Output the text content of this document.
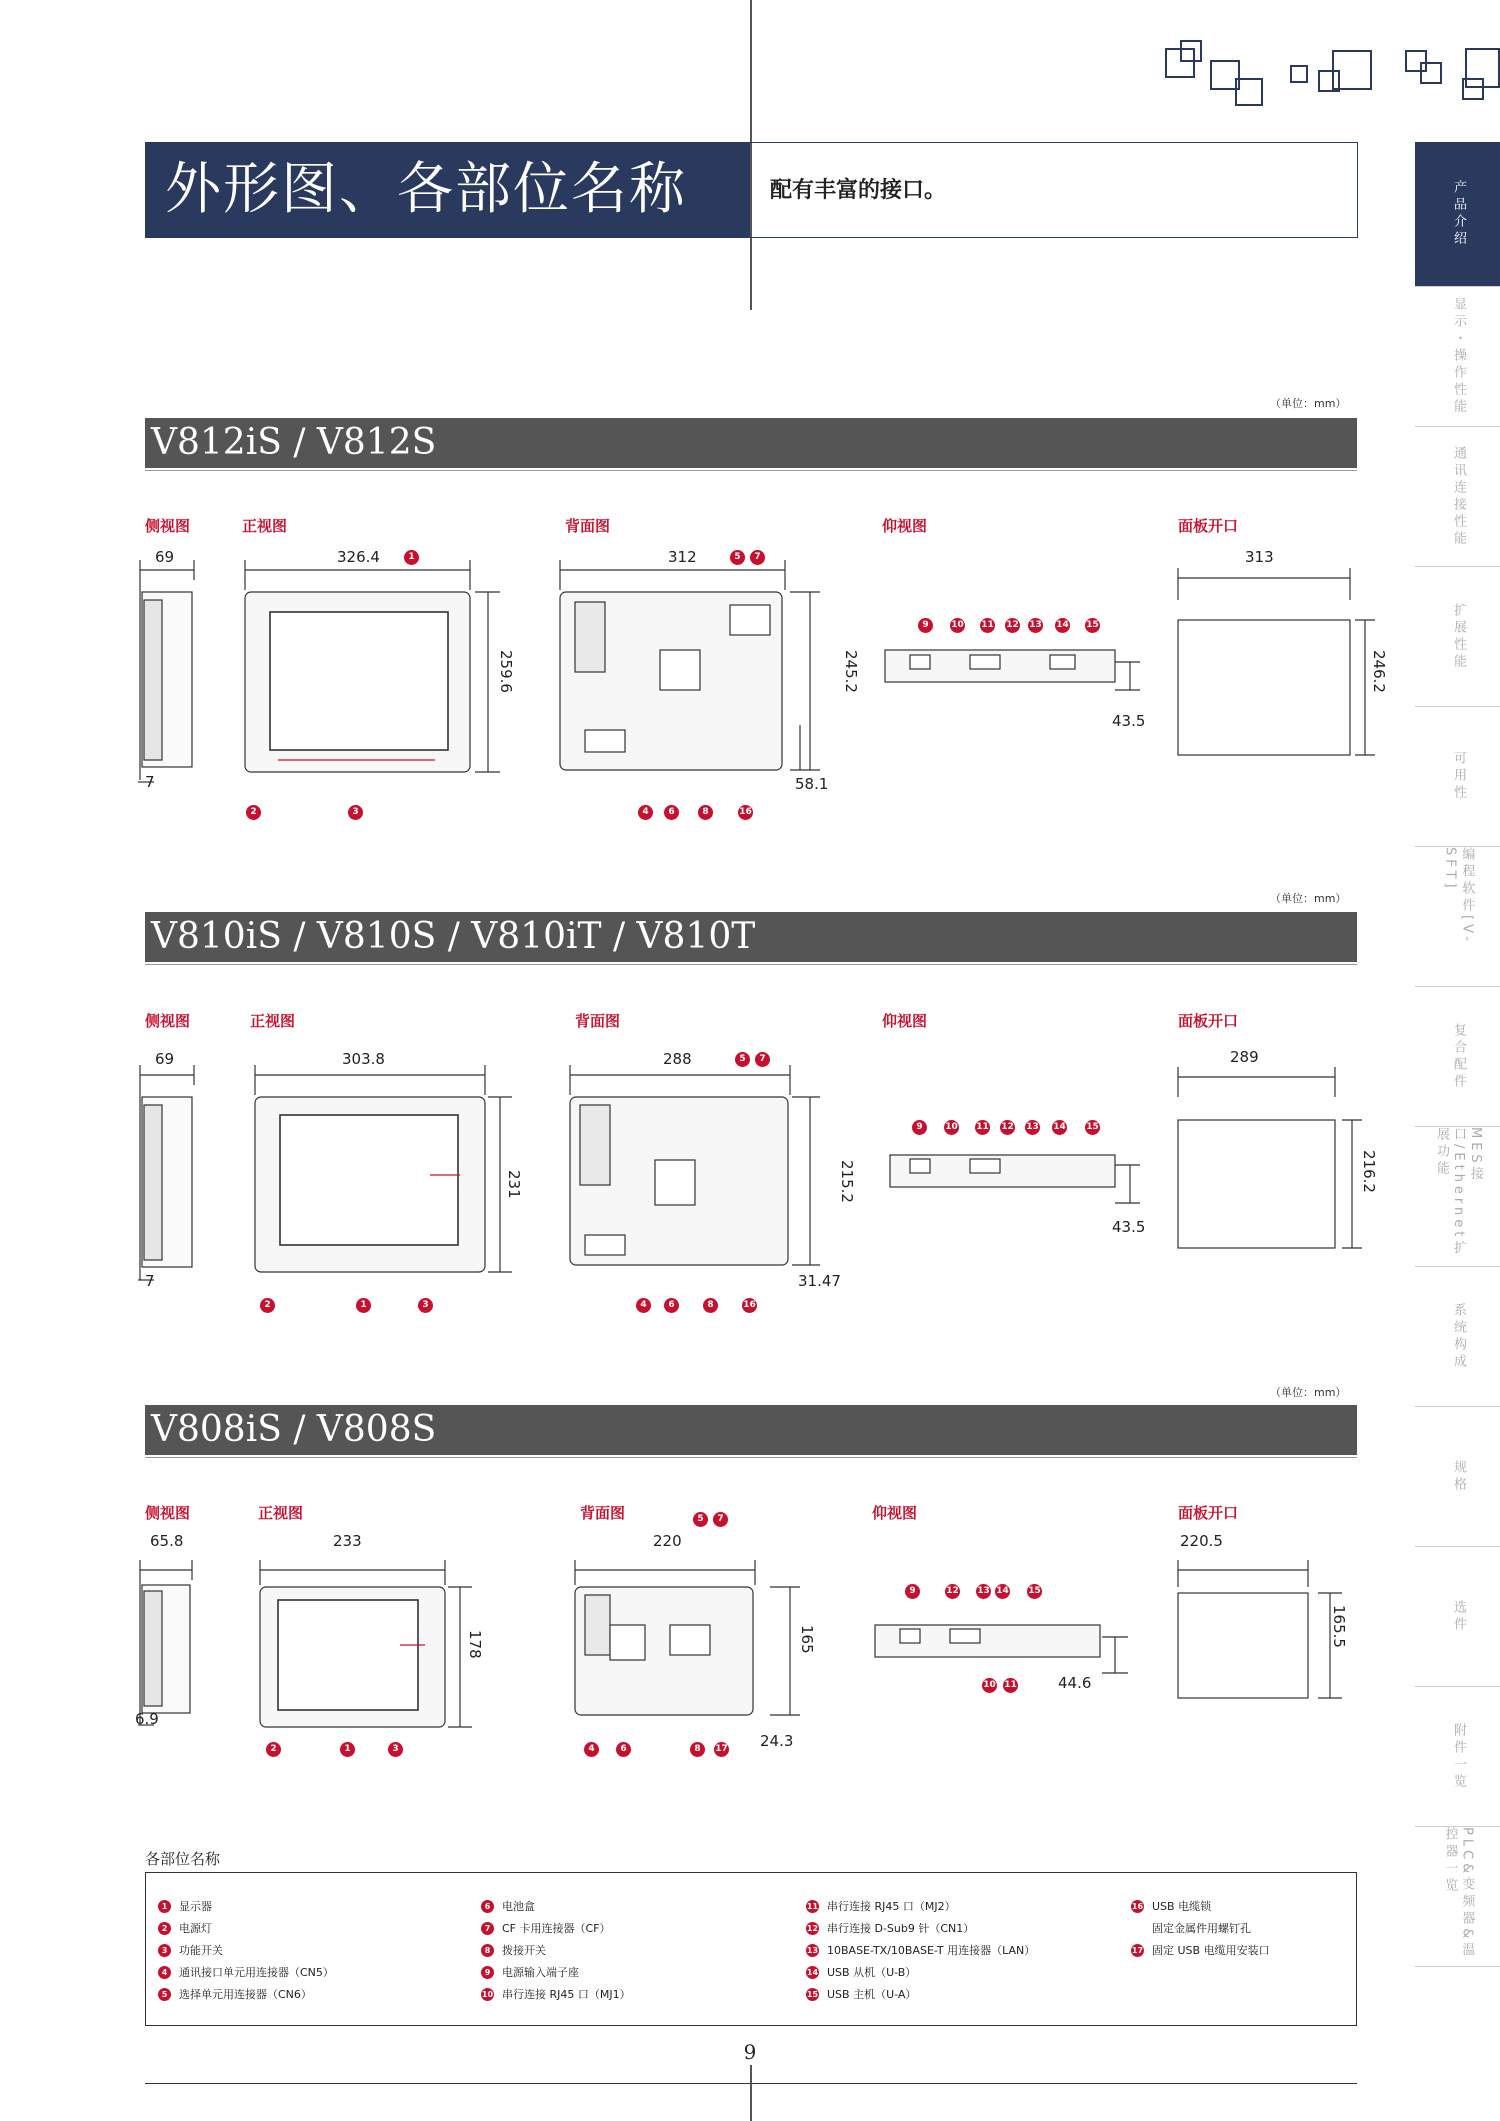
外形图、各部位名称	配有丰富的接口。	产品介绍
显示・操作性能
通讯连接性能
扩展性能
可用性
编程软件[V-SFT]
复合配件
MES接口/Ethernet扩展功能
系统构成
规格
选件
附件一览
PLC&变频器&温控器一览
（单位：mm）
V812iS / V812S
侧视图	正视图	背面图	仰视图	面板开口
69
7
326.4
259.6
312
245.2
58.1
43.5
313
246.2
1
2	3
5	7
4	6	8	16
9	10 11 12 13 14 15
（单位：mm）
V810iS / V810S / V810iT / V810T
侧视图	正视图	背面图	仰视图	面板开口
69
7
303.8
231
288
215.2
31.47
43.5
289
216.2
2	1	3
5	7
4	6	8	16
9	10 11 12 13 14 15
（单位：mm）
V808iS / V808S
侧视图	正视图	背面图	仰视图	面板开口
65.8
6.9
233
178
220
165
24.3
44.6
220.5
165.5
2	1	3
5	7
4	6	8	17
9	12 13 14 15
10 11
各部位名称
1	显示器
2	电源灯
3	功能开关
4	通讯接口单元用连接器（CN5）
5	选择单元用连接器（CN6）
6	电池盒
7	CF 卡用连接器（CF）
8	拨接开关
9	电源输入端子座
10 串行连接 RJ45 口（MJ1）
11 串行连接 RJ45 口（MJ2）
12 串行连接 D-Sub9 针（CN1）
13 10BASE-TX/10BASE-T 用连接器（LAN）
14 USB 从机（U-B）
15 USB 主机（U-A）
16 USB 电缆锁
固定金属件用螺钉孔
17 固定 USB 电缆用安装口
9
